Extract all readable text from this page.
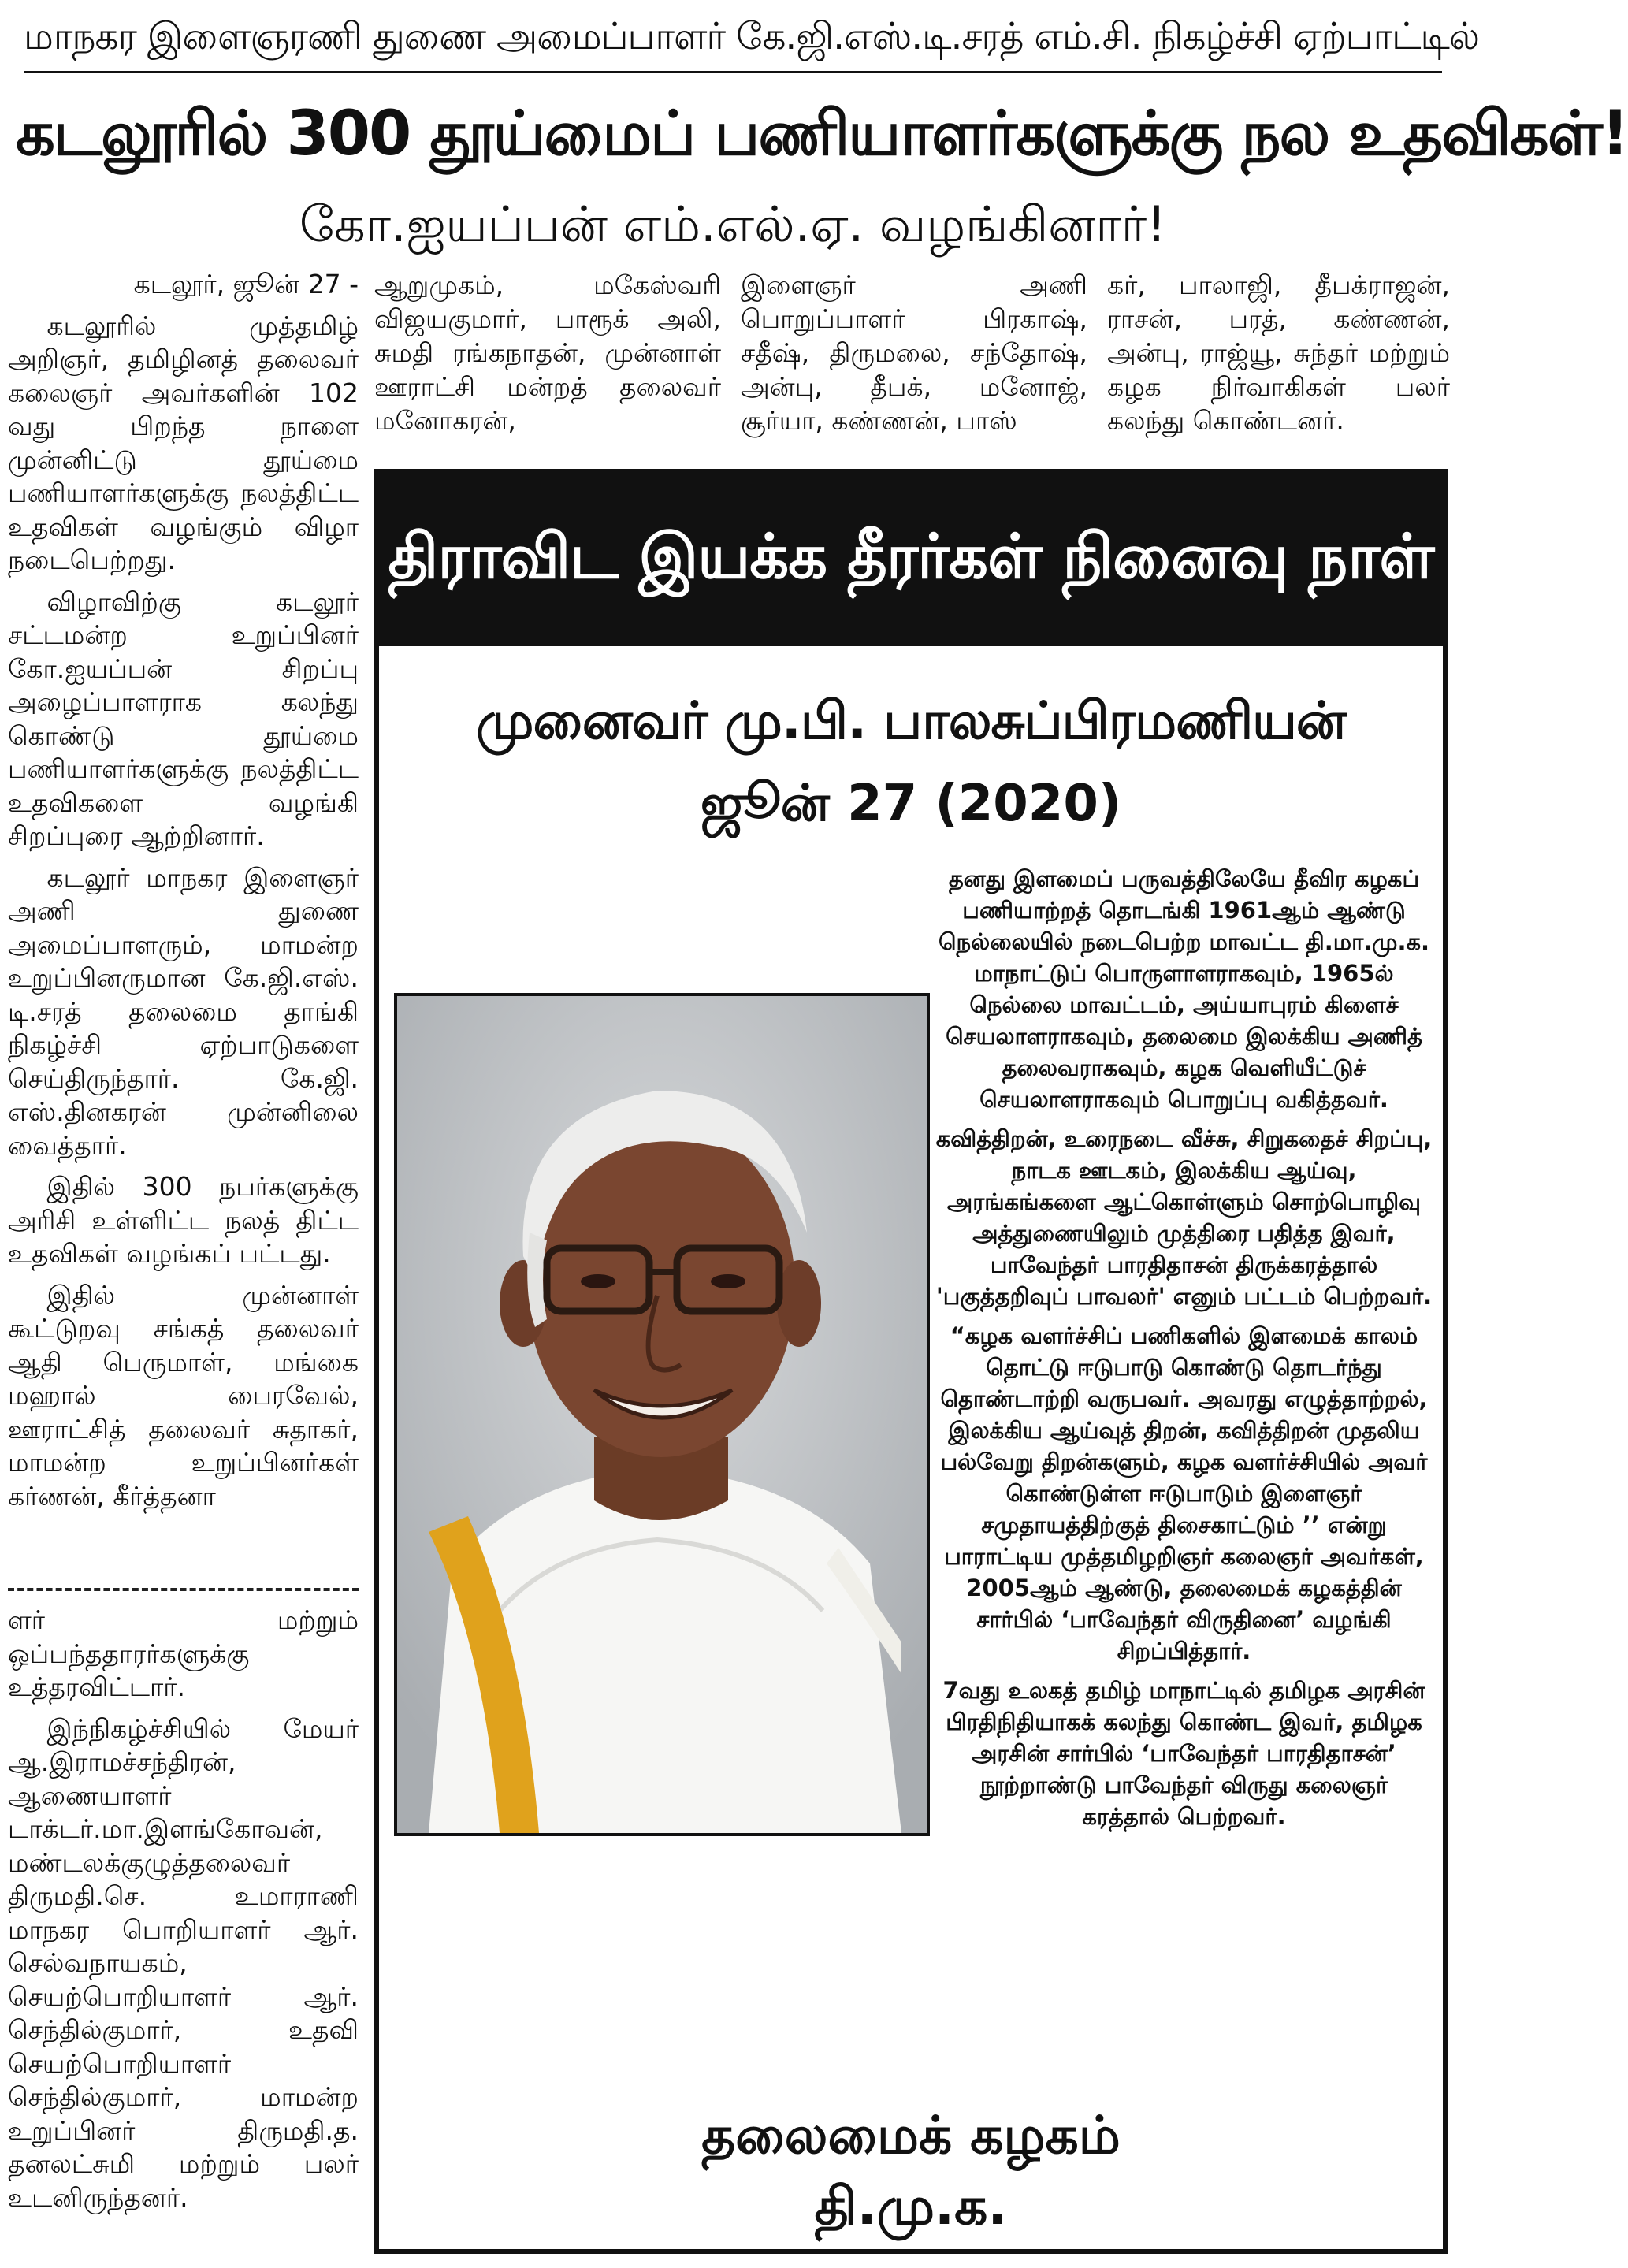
மாநகர இளைஞரணி துணை அமைப்பாளர் கே.ஜி.எஸ்.டி.சரத் எம்.சி. நிகழ்ச்சி ஏற்பாட்டில்
கடலூரில் 300 தூய்மைப் பணியாளர்களுக்கு நல உதவிகள்!
கோ.ஐயப்பன் எம்.எல்.ஏ. வழங்கினார்!

கடலூர், ஜூன் 27 -

கடலூரில் முத்தமிழ் அறிஞர், தமிழினத் தலைவர் கலைஞர் அவர்களின் 102 வது பிறந்த நாளை முன்னிட்டு தூய்மை பணியாளர்களுக்கு நலத்திட்ட உதவிகள் வழங்கும் விழா நடைபெற்றது.

விழாவிற்கு கடலூர் சட்டமன்ற உறுப்பினர் கோ.ஐயப்பன் சிறப்பு அழைப்பாளராக கலந்து கொண்டு தூய்மை பணியாளர்களுக்கு நலத்திட்ட உதவிகளை வழங்கி சிறப்புரை ஆற்றினார்.

கடலூர் மாநகர இளைஞர் அணி துணை அமைப்பாளரும், மாமன்ற உறுப்பினருமான கே.ஜி.எஸ். டி.சரத் தலைமை தாங்கி நிகழ்ச்சி ஏற்பாடுகளை செய்திருந்தார். கே.ஜி. எஸ்.தினகரன் முன்னிலை வைத்தார்.

இதில் 300 நபர்களுக்கு அரிசி உள்ளிட்ட நலத் திட்ட உதவிகள் வழங்கப் பட்டது.

இதில் முன்னாள் கூட்டுறவு சங்கத் தலைவர் ஆதி பெருமாள், மங்கை மஹால் பைரவேல், ஊராட்சித் தலைவர் சுதாகர், மாமன்ற உறுப்பினர்கள் கர்ணன், கீர்த்தனா

ளர் மற்றும் ஒப்பந்ததாரர்களுக்கு உத்தரவிட்டார்.

இந்நிகழ்ச்சியில் மேயர் ஆ.இராமச்சந்திரன், ஆணையாளர் டாக்டர்.மா.இளங்கோவன், மண்டலக்குழுத்தலைவர் திருமதி.செ. உமாராணி மாநகர பொறியாளர் ஆர். செல்வநாயகம், செயற்பொறியாளர் ஆர். செந்தில்குமார், உதவி செயற்பொறியாளர் செந்தில்குமார், மாமன்ற உறுப்பினர் திருமதி.த. தனலட்சுமி மற்றும் பலர் உடனிருந்தனர்.

ஆறுமுகம், மகேஸ்வரி விஜயகுமார், பாரூக் அலி, சுமதி ரங்கநாதன், முன்னாள் ஊராட்சி மன்றத் தலைவர் மனோகரன்,
இளைஞர் அணி பொறுப்பாளர் பிரகாஷ், சதீஷ், திருமலை, சந்தோஷ், அன்பு, தீபக், மனோஜ், சூர்யா, கண்ணன், பாஸ்
கர், பாலாஜி, தீபக்ராஜன், ராசன், பரத், கண்ணன், அன்பு, ராஜ்யூ, சுந்தர் மற்றும் கழக நிர்வாகிகள் பலர் கலந்து கொண்டனர்.
திராவிட இயக்க தீரர்கள் நினைவு நாள்
முனைவர் மு.பி. பாலசுப்பிரமணியன்
ஜூன் 27 (2020)

தனது இளமைப் பருவத்திலேயே தீவிர கழகப் பணியாற்றத் தொடங்கி 1961ஆம் ஆண்டு நெல்லையில் நடைபெற்ற மாவட்ட தி.மா.மு.க. மாநாட்டுப் பொருளாளராகவும், 1965ல் நெல்லை மாவட்டம், அய்யாபுரம் கிளைச் செயலாளராகவும், தலைமை இலக்கிய அணித் தலைவராகவும், கழக வெளியீட்டுச் செயலாளராகவும் பொறுப்பு வகித்தவர்.

கவித்திறன், உரைநடை வீச்சு, சிறுகதைச் சிறப்பு, நாடக ஊடகம், இலக்கிய ஆய்வு, அரங்கங்களை ஆட்கொள்ளும் சொற்பொழிவு அத்துணையிலும் முத்திரை பதித்த இவர், பாவேந்தர் பாரதிதாசன் திருக்கரத்தால் 'பகுத்தறிவுப் பாவலர்' எனும் பட்டம் பெற்றவர்.

“கழக வளர்ச்சிப் பணிகளில் இளமைக் காலம் தொட்டு ஈடுபாடு கொண்டு தொடர்ந்து தொண்டாற்றி வருபவர். அவரது எழுத்தாற்றல், இலக்கிய ஆய்வுத் திறன், கவித்திறன் முதலிய பல்வேறு திறன்களும், கழக வளர்ச்சியில் அவர் கொண்டுள்ள ஈடுபாடும் இளைஞர் சமுதாயத்திற்குத் திசைகாட்டும் ’’ என்று பாராட்டிய முத்தமிழறிஞர் கலைஞர் அவர்கள், 2005ஆம் ஆண்டு, தலைமைக் கழகத்தின் சார்பில் ‘பாவேந்தர் விருதினை’ வழங்கி சிறப்பித்தார்.

7வது உலகத் தமிழ் மாநாட்டில் தமிழக அரசின் பிரதிநிதியாகக் கலந்து கொண்ட இவர், தமிழக அரசின் சார்பில் ‘பாவேந்தர் பாரதிதாசன்’ நூற்றாண்டு பாவேந்தர் விருது கலைஞர் கரத்தால் பெற்றவர்.

தலைமைக் கழகம்
தி.மு.க.
